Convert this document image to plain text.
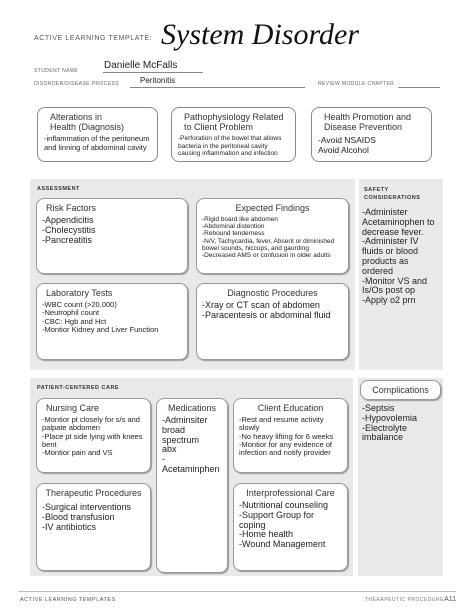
ACTIVE LEARNING TEMPLATE: System Disorder
STUDENT NAME	Danielle McFalls
DISORDER/DISEASE PROCESS	Peritonitis	REVIEW MODULE CHAPTER
Alterations in
Health (Diagnosis)
-inflammation of the peritoneum
and linning of abdominal cavity
Pathophysiology Related
to Client Problem
-Perforation of the bowel that allows
bacteria in the peritoneal cavity
causing inflammation and infection
Health Promotion and
Disease Prevention
-Avoid NSAIDS
Avoid Alcohol
ASSESSMENT
Risk Factors
-Appendicitis
-Cholecystitis
-Pancreatitis
Expected Findings
-Rigid board like abdomen
-Abdominal distention
-Rebound tenderness
-N/V, Tachycardia, fever, Absent or diminished
bowel sounds, hiccups, and gaurding
-Decreased AMS or confusion in older adults
Laboratory Tests
-WBC count (>20,000)
-Neutrophil count
-CBC: Hgb and Hct
-Montior Kidney and Liver Function
Diagnostic Procedures
-Xray or CT scan of abdomen
-Paracentesis or abdominal fluid
SAFETY
CONSIDERATIONS
-Administer
Acetaminophen to
decrease fever.
-Administer IV
fluids or blood
products as
ordered
-Monitor VS and
Is/Os post op
-Apply o2 prn
PATIENT-CENTERED CARE
Nursing Care
-Montior pt closely for s/s and
palpate abdomen
-Place pt side lying with knees
bent
-Montior pain and VS
Medications
-Adminsiter
broad spectrum
abx
-Acetaminphen
Client Education
-Rest and resume activity
slowly
-No heavy lifting for 6 weeks
-Montior for any evidence of
infection and notify provider
Therapeutic Procedures
-Surgical interventions
-Blood transfusion
-IV antibiotics
Interprofessional Care
-Nutritional counseling
-Support Group for
coping
-Home health
-Wound Management
Complications
-Septsis
-Hypovolemia
-Electrolyte
imbalance
ACTIVE LEARNING TEMPLATES	THERAPEUTIC PROCEDURE A11
